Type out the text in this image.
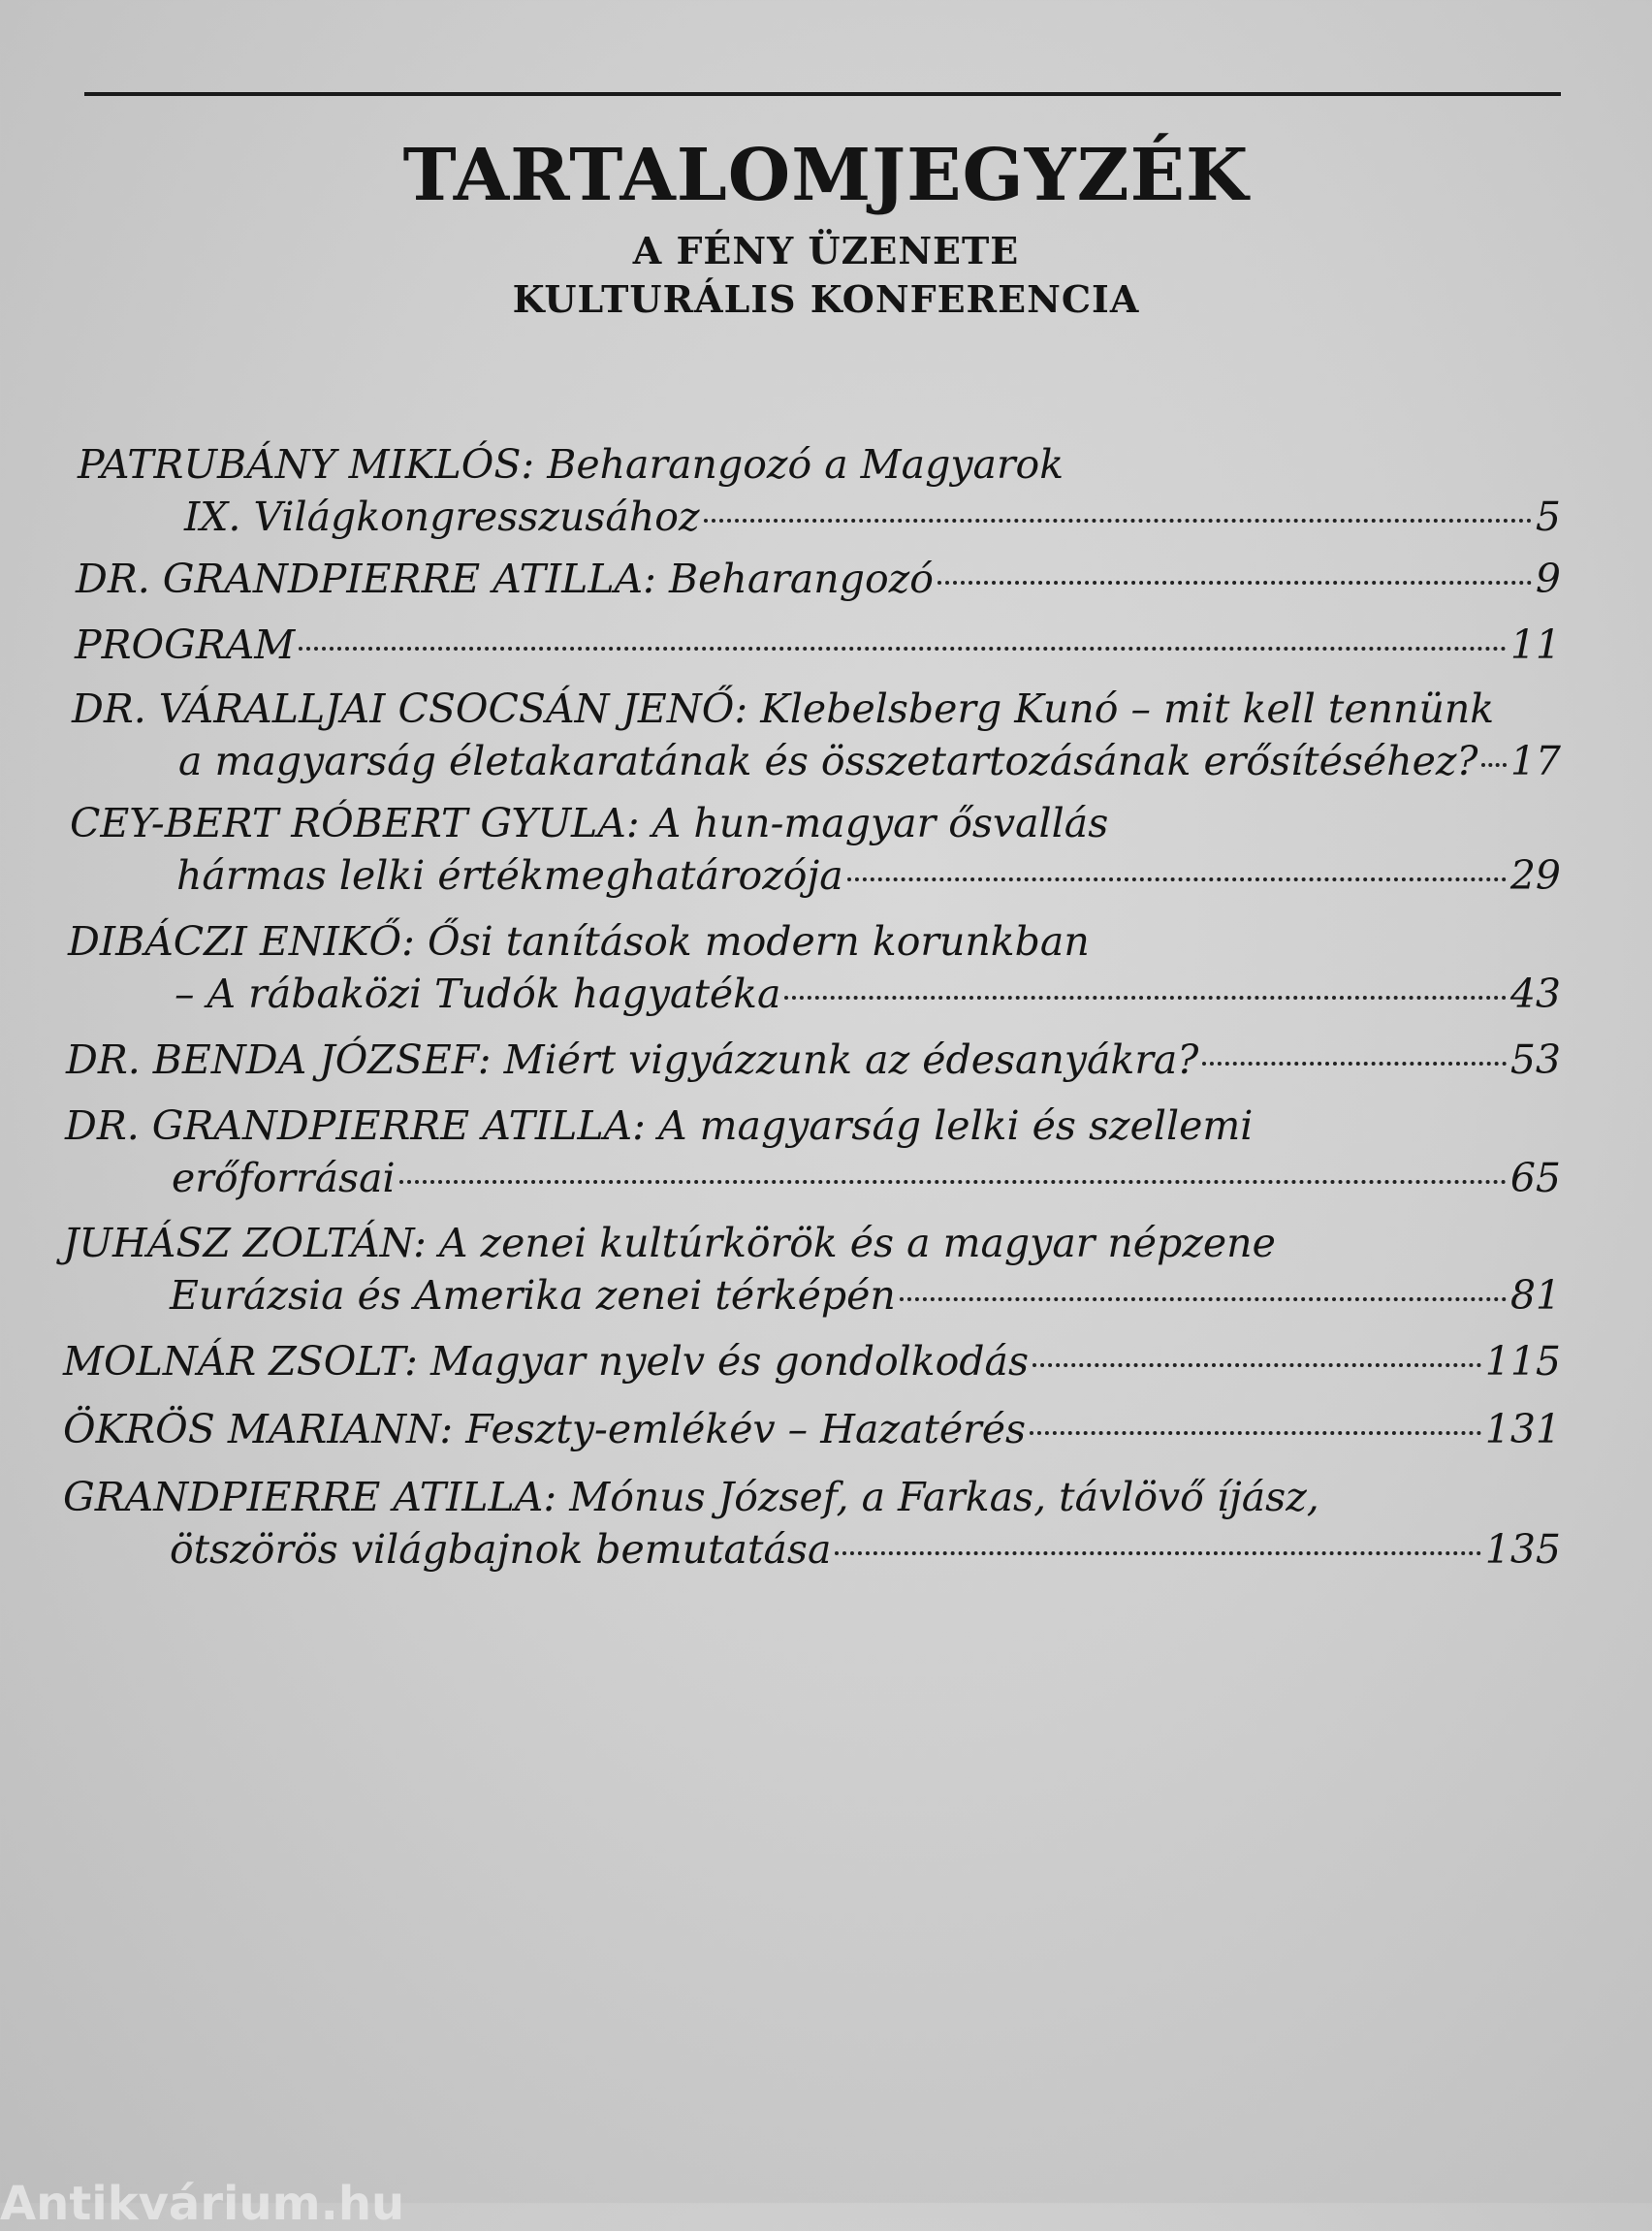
TARTALOMJEGYZÉK
A FÉNY ÜZENETE
KULTURÁLIS KONFERENCIA
PATRUBÁNY MIKLÓS: Beharangozó a Magyarok
IX. Világkongresszusához	5
DR. GRANDPIERRE ATILLA: Beharangozó	9
PROGRAM	11
DR. VÁRALLJAI CSOCSÁN JENŐ: Klebelsberg Kunó – mit kell tennünk
a magyarság életakaratának és összetartozásának erősítéséhez? 17
CEY-BERT RÓBERT GYULA: A hun-magyar ősvallás
hármas lelki értékmeghatározója	29
DIBÁCZI ENIKŐ: Ősi tanítások modern korunkban
– A rábaközi Tudók hagyatéka	43
DR. BENDA JÓZSEF: Miért vigyázzunk az édesanyákra?	53
DR. GRANDPIERRE ATILLA: A magyarság lelki és szellemi
erőforrásai	65
JUHÁSZ ZOLTÁN: A zenei kultúrkörök és a magyar népzene
Eurázsia és Amerika zenei térképén	81
MOLNÁR ZSOLT: Magyar nyelv és gondolkodás	115
ÖKRÖS MARIANN: Feszty-emlékév – Hazatérés	131
GRANDPIERRE ATILLA: Mónus József, a Farkas, távlövő íjász,
ötszörös világbajnok bemutatása	135
Antikvárium.hu
